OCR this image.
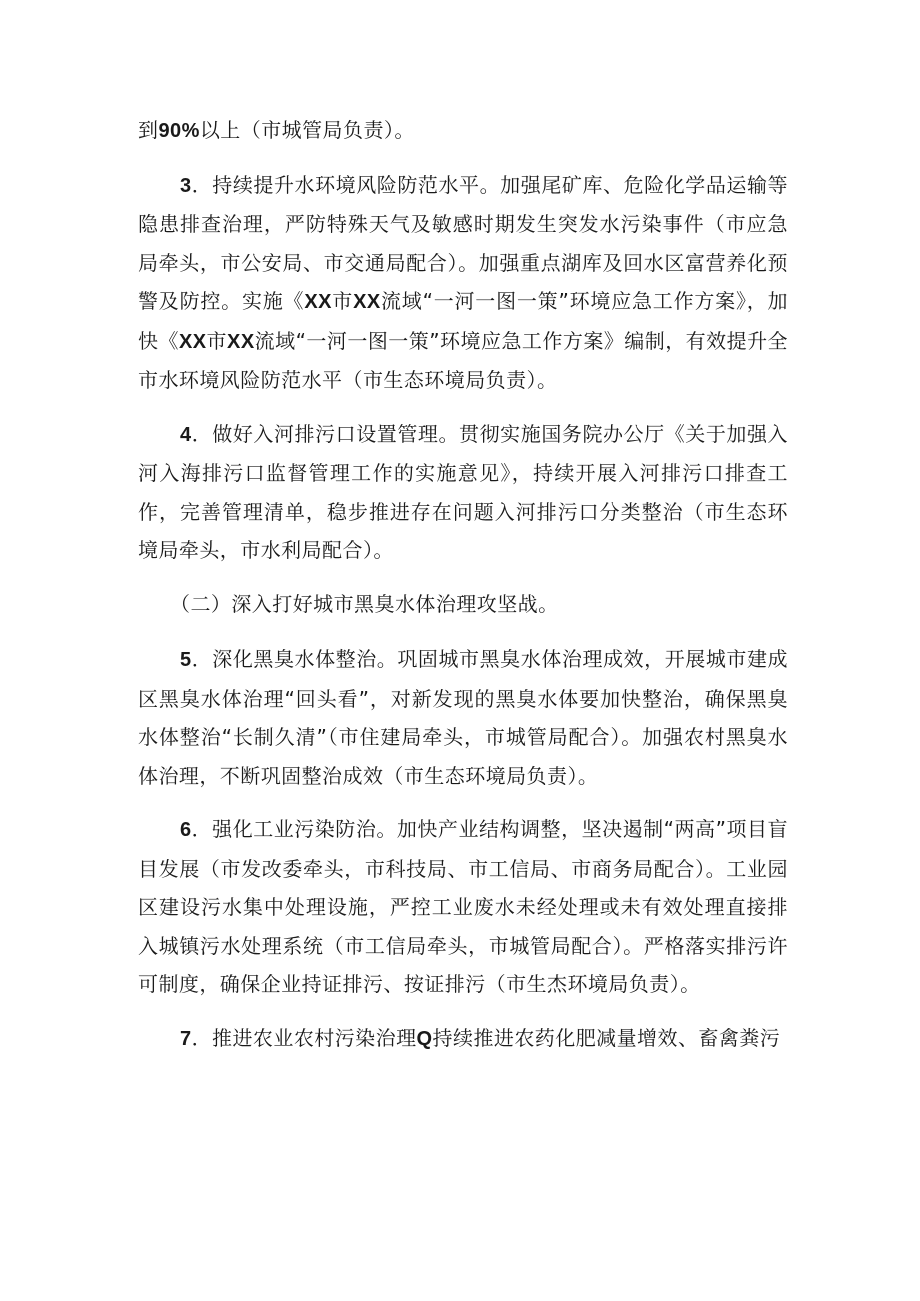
到90%以上（市城管局负责）。

3．持续提升水环境风险防范水平。加强尾矿库、危险化学品运输等隐患排查治理，严防特殊天气及敏感时期发生突发水污染事件（市应急局牵头，市公安局、市交通局配合）。加强重点湖库及回水区富营养化预警及防控。实施《XX市XX流域“一河一图一策”环境应急工作方案》，加快《XX市XX流域“一河一图一策”环境应急工作方案》编制，有效提升全市水环境风险防范水平（市生态环境局负责）。

4．做好入河排污口设置管理。贯彻实施国务院办公厅《关于加强入河入海排污口监督管理工作的实施意见》，持续开展入河排污口排查工作，完善管理清单，稳步推进存在问题入河排污口分类整治（市生态环境局牵头，市水利局配合）。

（二）深入打好城市黑臭水体治理攻坚战。

5．深化黑臭水体整治。巩固城市黑臭水体治理成效，开展城市建成区黑臭水体治理“回头看”，对新发现的黑臭水体要加快整治，确保黑臭水体整治“长制久清”（市住建局牵头，市城管局配合）。加强农村黑臭水体治理，不断巩固整治成效（市生态环境局负责）。

6．强化工业污染防治。加快产业结构调整，坚决遏制“两高”项目盲目发展（市发改委牵头，市科技局、市工信局、市商务局配合）。工业园区建设污水集中处理设施，严控工业废水未经处理或未有效处理直接排入城镇污水处理系统（市工信局牵头，市城管局配合）。严格落实排污许可制度，确保企业持证排污、按证排污（市生杰环境局负责）。

7．推进农业农村污染治理Q持续推进农药化肥减量增效、畜禽粪污
